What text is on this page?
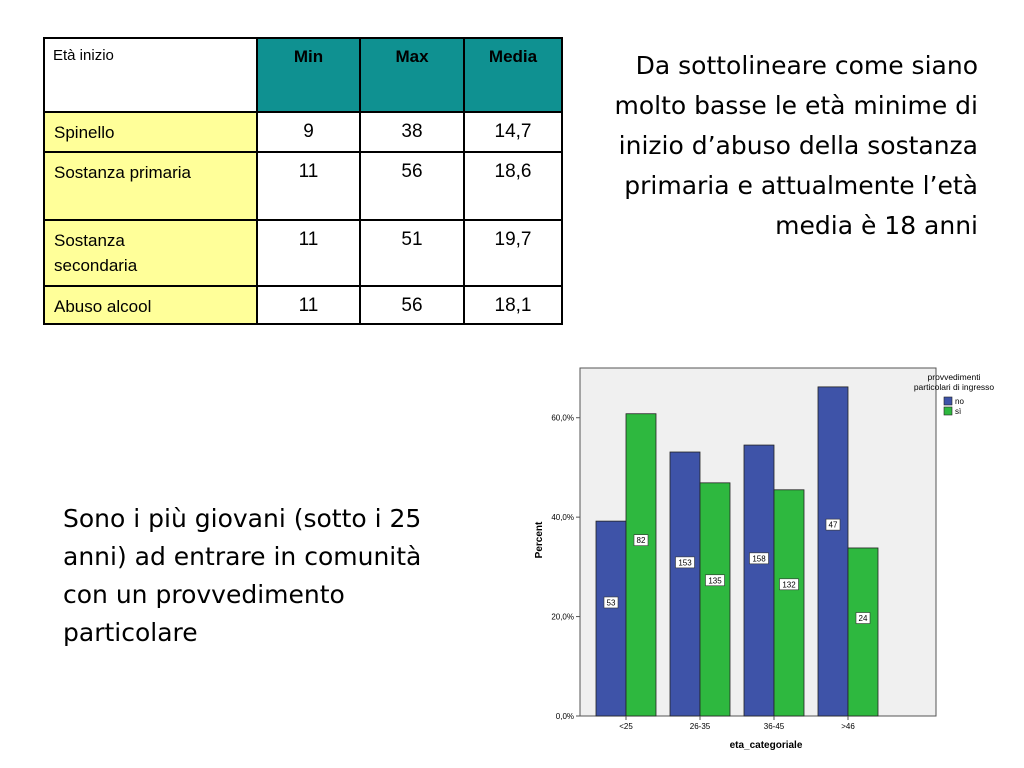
Età inizio	Min	Max	Media
Spinello	9	38	14,7
Sostanza primaria	11	56	18,6
Sostanza secondaria	11	51	19,7
Abuso alcool	11	56	18,1
Da sottolineare come siano molto basse le età minime di inizio d’abuso della sostanza primaria e attualmente l’età media è 18 anni
Sono i più giovani (sotto i 25 anni) ad entrare in comunità con un provvedimento particolare
0,0%
20,0%
40,0%
60,0%
53
82
<25
153
135
26-35
158
132
36-45
47
24
>46
eta_categoriale
Percent
provvedimenti
particolari di ingresso
no
sì
